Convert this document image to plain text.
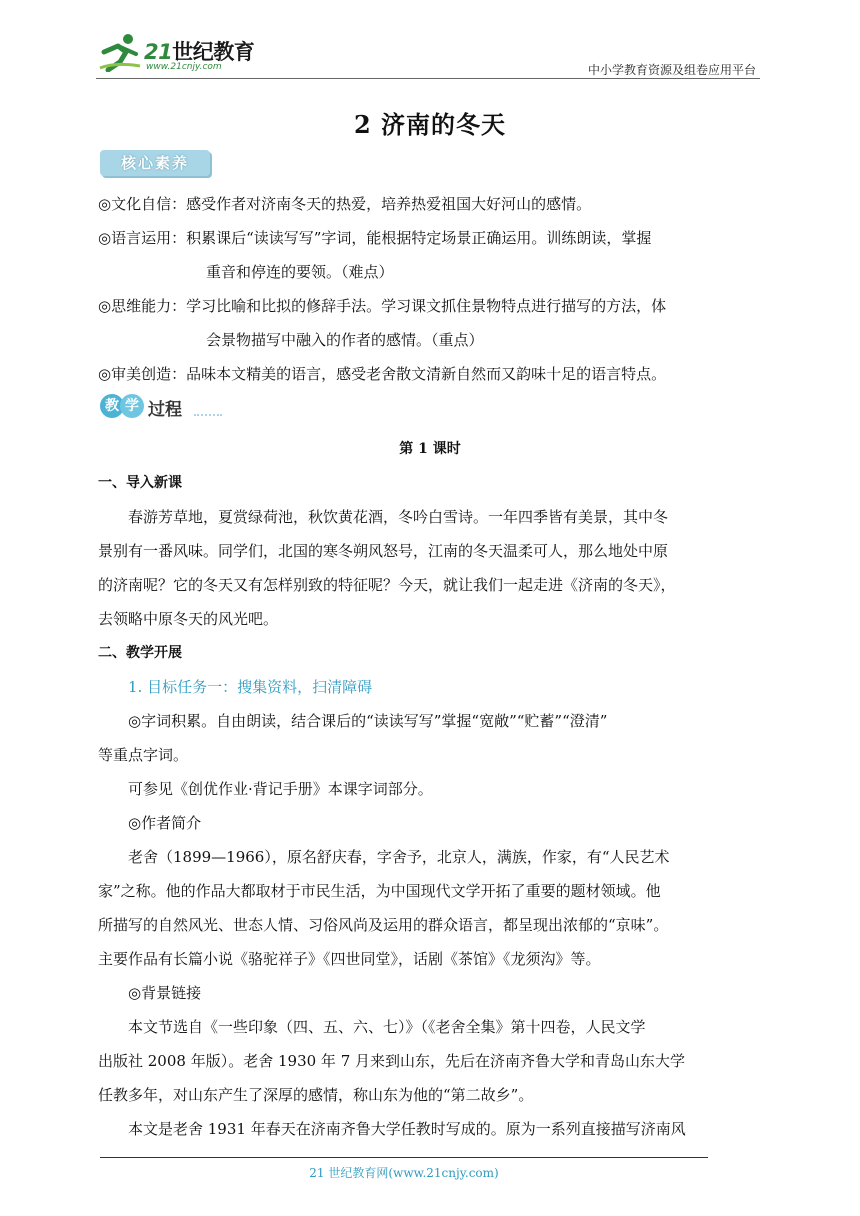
21世纪教育
www.21cnjy.com	中小学教育资源及组卷应用平台
2 济南的冬天
核心素养
◎文化自信：感受作者对济南冬天的热爱，培养热爱祖国大好河山的感情。
◎语言运用：积累课后“读读写写”字词，能根据特定场景正确运用。训练朗读，掌握
重音和停连的要领。（难点）
◎思维能力：学习比喻和比拟的修辞手法。学习课文抓住景物特点进行描写的方法，体
会景物描写中融入的作者的感情。（重点）
◎审美创造：品味本文精美的语言，感受老舍散文清新自然而又韵味十足的语言特点。
教 学 过程
第 1 课时
一、导入新课
　　春游芳草地，夏赏绿荷池，秋饮黄花酒，冬吟白雪诗。一年四季皆有美景，其中冬
景别有一番风味。同学们，北国的寒冬朔风怒号，江南的冬天温柔可人，那么地处中原
的济南呢？它的冬天又有怎样别致的特征呢？今天，就让我们一起走进《济南的冬天》，
去领略中原冬天的风光吧。
二、教学开展
　　1. 目标任务一：搜集资料，扫清障碍
　　◎字词积累。自由朗读，结合课后的“读读写写”掌握“宽敞”“贮蓄”“澄清”
等重点字词。
　　可参见《创优作业·背记手册》本课字词部分。
　　◎作者简介
　　老舍（1899—1966），原名舒庆春，字舍予，北京人，满族，作家，有“人民艺术
家”之称。他的作品大都取材于市民生活，为中国现代文学开拓了重要的题材领域。他
所描写的自然风光、世态人情、习俗风尚及运用的群众语言，都呈现出浓郁的“京味”。
主要作品有长篇小说《骆驼祥子》《四世同堂》，话剧《茶馆》《龙须沟》等。
　　◎背景链接
　　本文节选自《一些印象（四、五、六、七）》（《老舍全集》第十四卷，人民文学
出版社 2008 年版）。老舍 1930 年 7 月来到山东，先后在济南齐鲁大学和青岛山东大学
任教多年，对山东产生了深厚的感情，称山东为他的“第二故乡”。
　　本文是老舍 1931 年春天在济南齐鲁大学任教时写成的。原为一系列直接描写济南风
21 世纪教育网(www.21cnjy.com)
